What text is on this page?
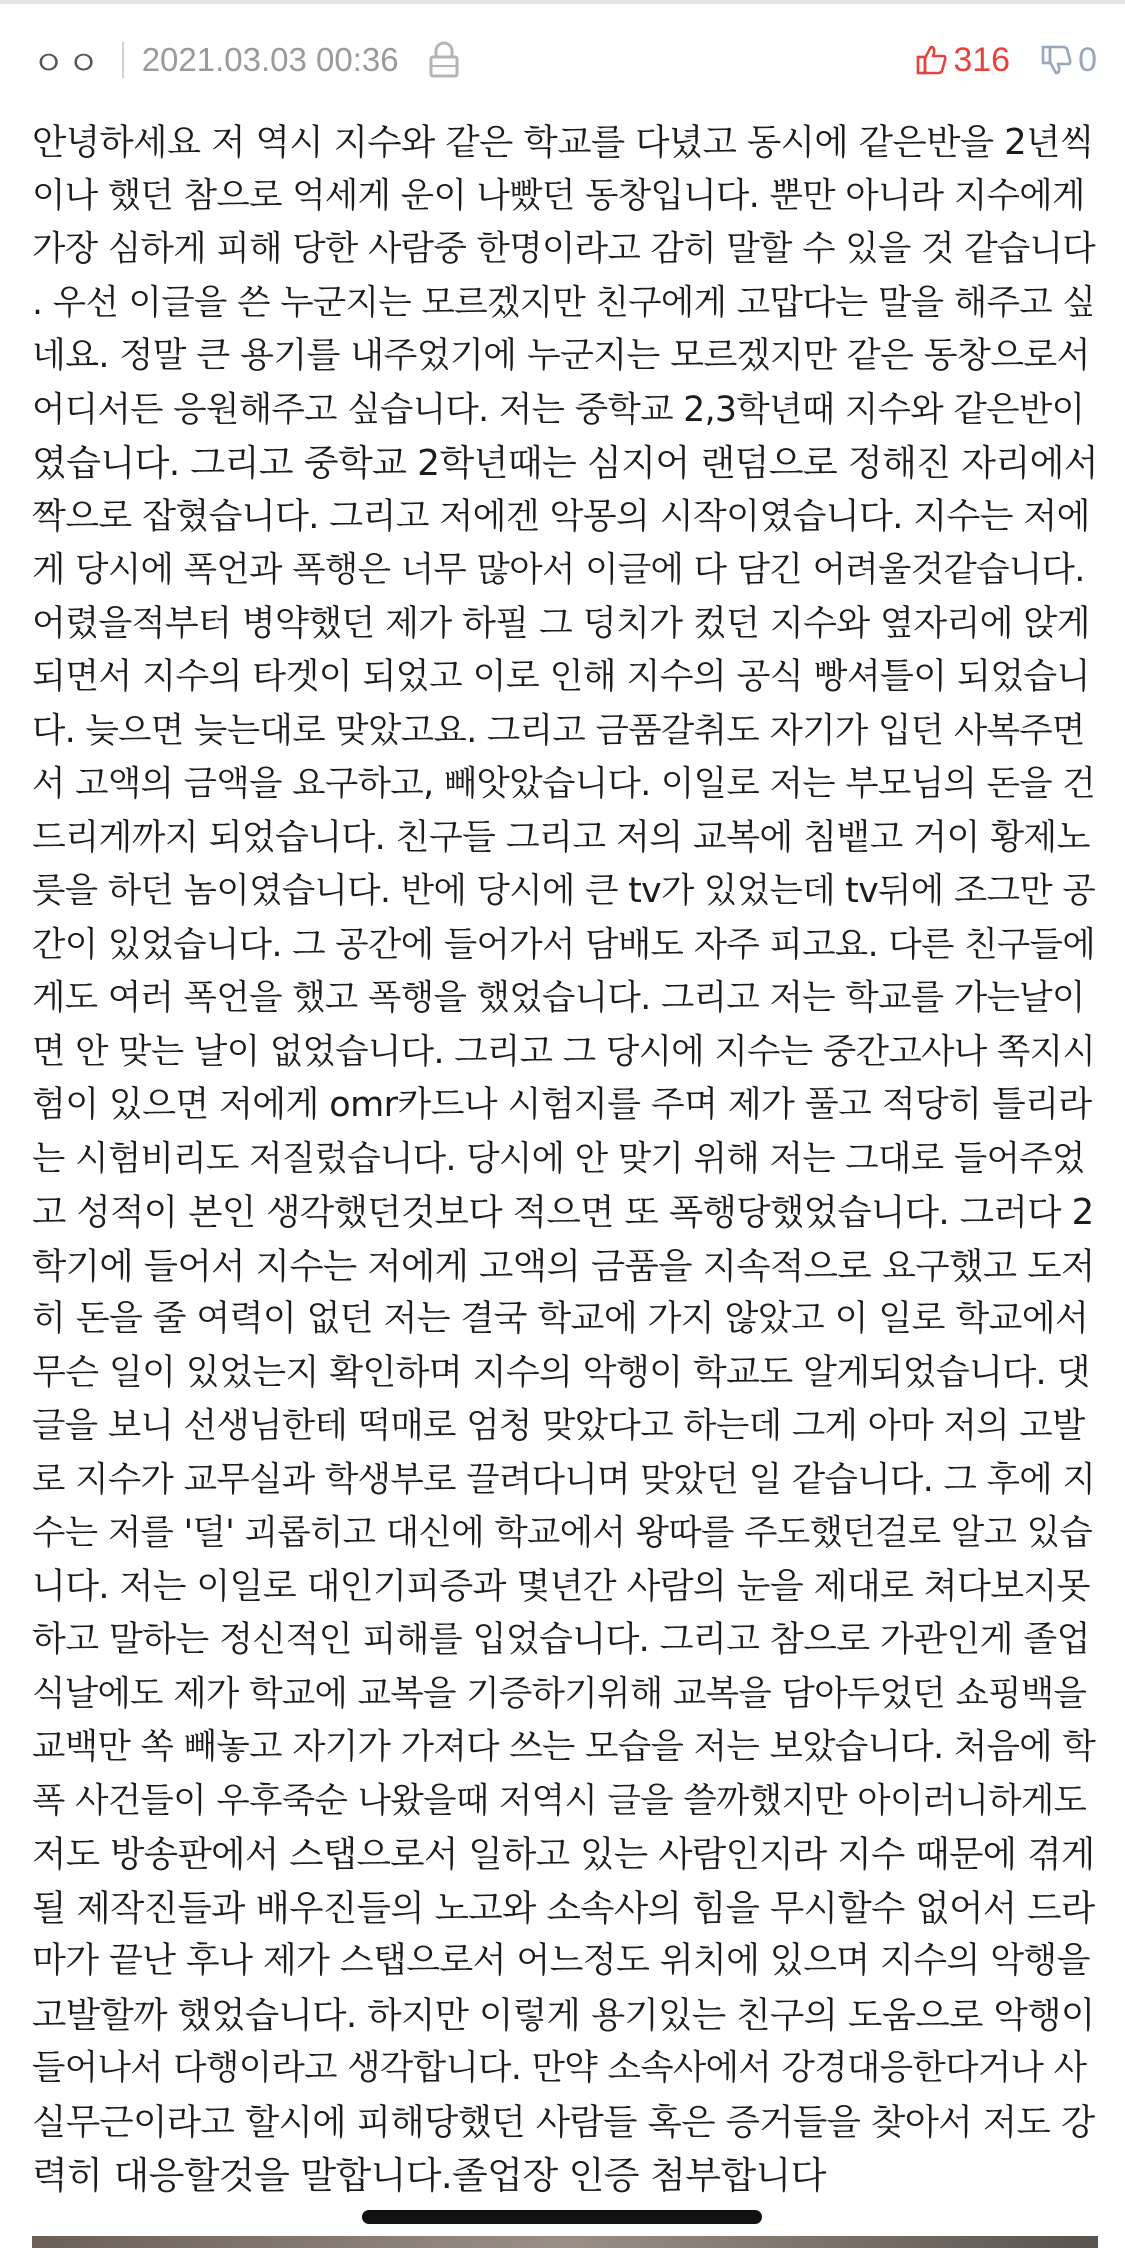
ㅇㅇ 2021.03.03 00:36	316 0
안녕하세요 저 역시 지수와 같은 학교를 다녔고 동시에 같은반을 2년씩
이나 했던 참으로 억세게 운이 나빴던 동창입니다. 뿐만 아니라 지수에게
가장 심하게 피해 당한 사람중 한명이라고 감히 말할 수 있을 것 같습니다
. 우선 이글을 쓴 누군지는 모르겠지만 친구에게 고맙다는 말을 해주고 싶
네요. 정말 큰 용기를 내주었기에 누군지는 모르겠지만 같은 동창으로서
어디서든 응원해주고 싶습니다. 저는 중학교 2,3학년때 지수와 같은반이
였습니다. 그리고 중학교 2학년때는 심지어 랜덤으로 정해진 자리에서
짝으로 잡혔습니다. 그리고 저에겐 악몽의 시작이였습니다. 지수는 저에
게 당시에 폭언과 폭행은 너무 많아서 이글에 다 담긴 어려울것같습니다.
어렸을적부터 병약했던 제가 하필 그 덩치가 컸던 지수와 옆자리에 앉게
되면서 지수의 타겟이 되었고 이로 인해 지수의 공식 빵셔틀이 되었습니
다. 늦으면 늦는대로 맞았고요. 그리고 금품갈취도 자기가 입던 사복주면
서 고액의 금액을 요구하고, 빼앗았습니다. 이일로 저는 부모님의 돈을 건
드리게까지 되었습니다. 친구들 그리고 저의 교복에 침뱉고 거이 황제노
릇을 하던 놈이였습니다. 반에 당시에 큰 tv가 있었는데 tv뒤에 조그만 공
간이 있었습니다. 그 공간에 들어가서 담배도 자주 피고요. 다른 친구들에
게도 여러 폭언을 했고 폭행을 했었습니다. 그리고 저는 학교를 가는날이
면 안 맞는 날이 없었습니다. 그리고 그 당시에 지수는 중간고사나 쪽지시
험이 있으면 저에게 omr카드나 시험지를 주며 제가 풀고 적당히 틀리라
는 시험비리도 저질렀습니다. 당시에 안 맞기 위해 저는 그대로 들어주었
고 성적이 본인 생각했던것보다 적으면 또 폭행당했었습니다. 그러다 2
학기에 들어서 지수는 저에게 고액의 금품을 지속적으로 요구했고 도저
히 돈을 줄 여력이 없던 저는 결국 학교에 가지 않았고 이 일로 학교에서
무슨 일이 있었는지 확인하며 지수의 악행이 학교도 알게되었습니다. 댓
글을 보니 선생님한테 떡매로 엄청 맞았다고 하는데 그게 아마 저의 고발
로 지수가 교무실과 학생부로 끌려다니며 맞았던 일 같습니다. 그 후에 지
수는 저를 '덜' 괴롭히고 대신에 학교에서 왕따를 주도했던걸로 알고 있습
니다. 저는 이일로 대인기피증과 몇년간 사람의 눈을 제대로 쳐다보지못
하고 말하는 정신적인 피해를 입었습니다. 그리고 참으로 가관인게 졸업
식날에도 제가 학교에 교복을 기증하기위해 교복을 담아두었던 쇼핑백을
교백만 쏙 빼놓고 자기가 가져다 쓰는 모습을 저는 보았습니다. 처음에 학
폭 사건들이 우후죽순 나왔을때 저역시 글을 쓸까했지만 아이러니하게도
저도 방송판에서 스탭으로서 일하고 있는 사람인지라 지수 때문에 겪게
될 제작진들과 배우진들의 노고와 소속사의 힘을 무시할수 없어서 드라
마가 끝난 후나 제가 스탭으로서 어느정도 위치에 있으며 지수의 악행을
고발할까 했었습니다. 하지만 이렇게 용기있는 친구의 도움으로 악행이
들어나서 다행이라고 생각합니다. 만약 소속사에서 강경대응한다거나 사
실무근이라고 할시에 피해당했던 사람들 혹은 증거들을 찾아서 저도 강
력히 대응할것을 말합니다.졸업장 인증 첨부합니다
